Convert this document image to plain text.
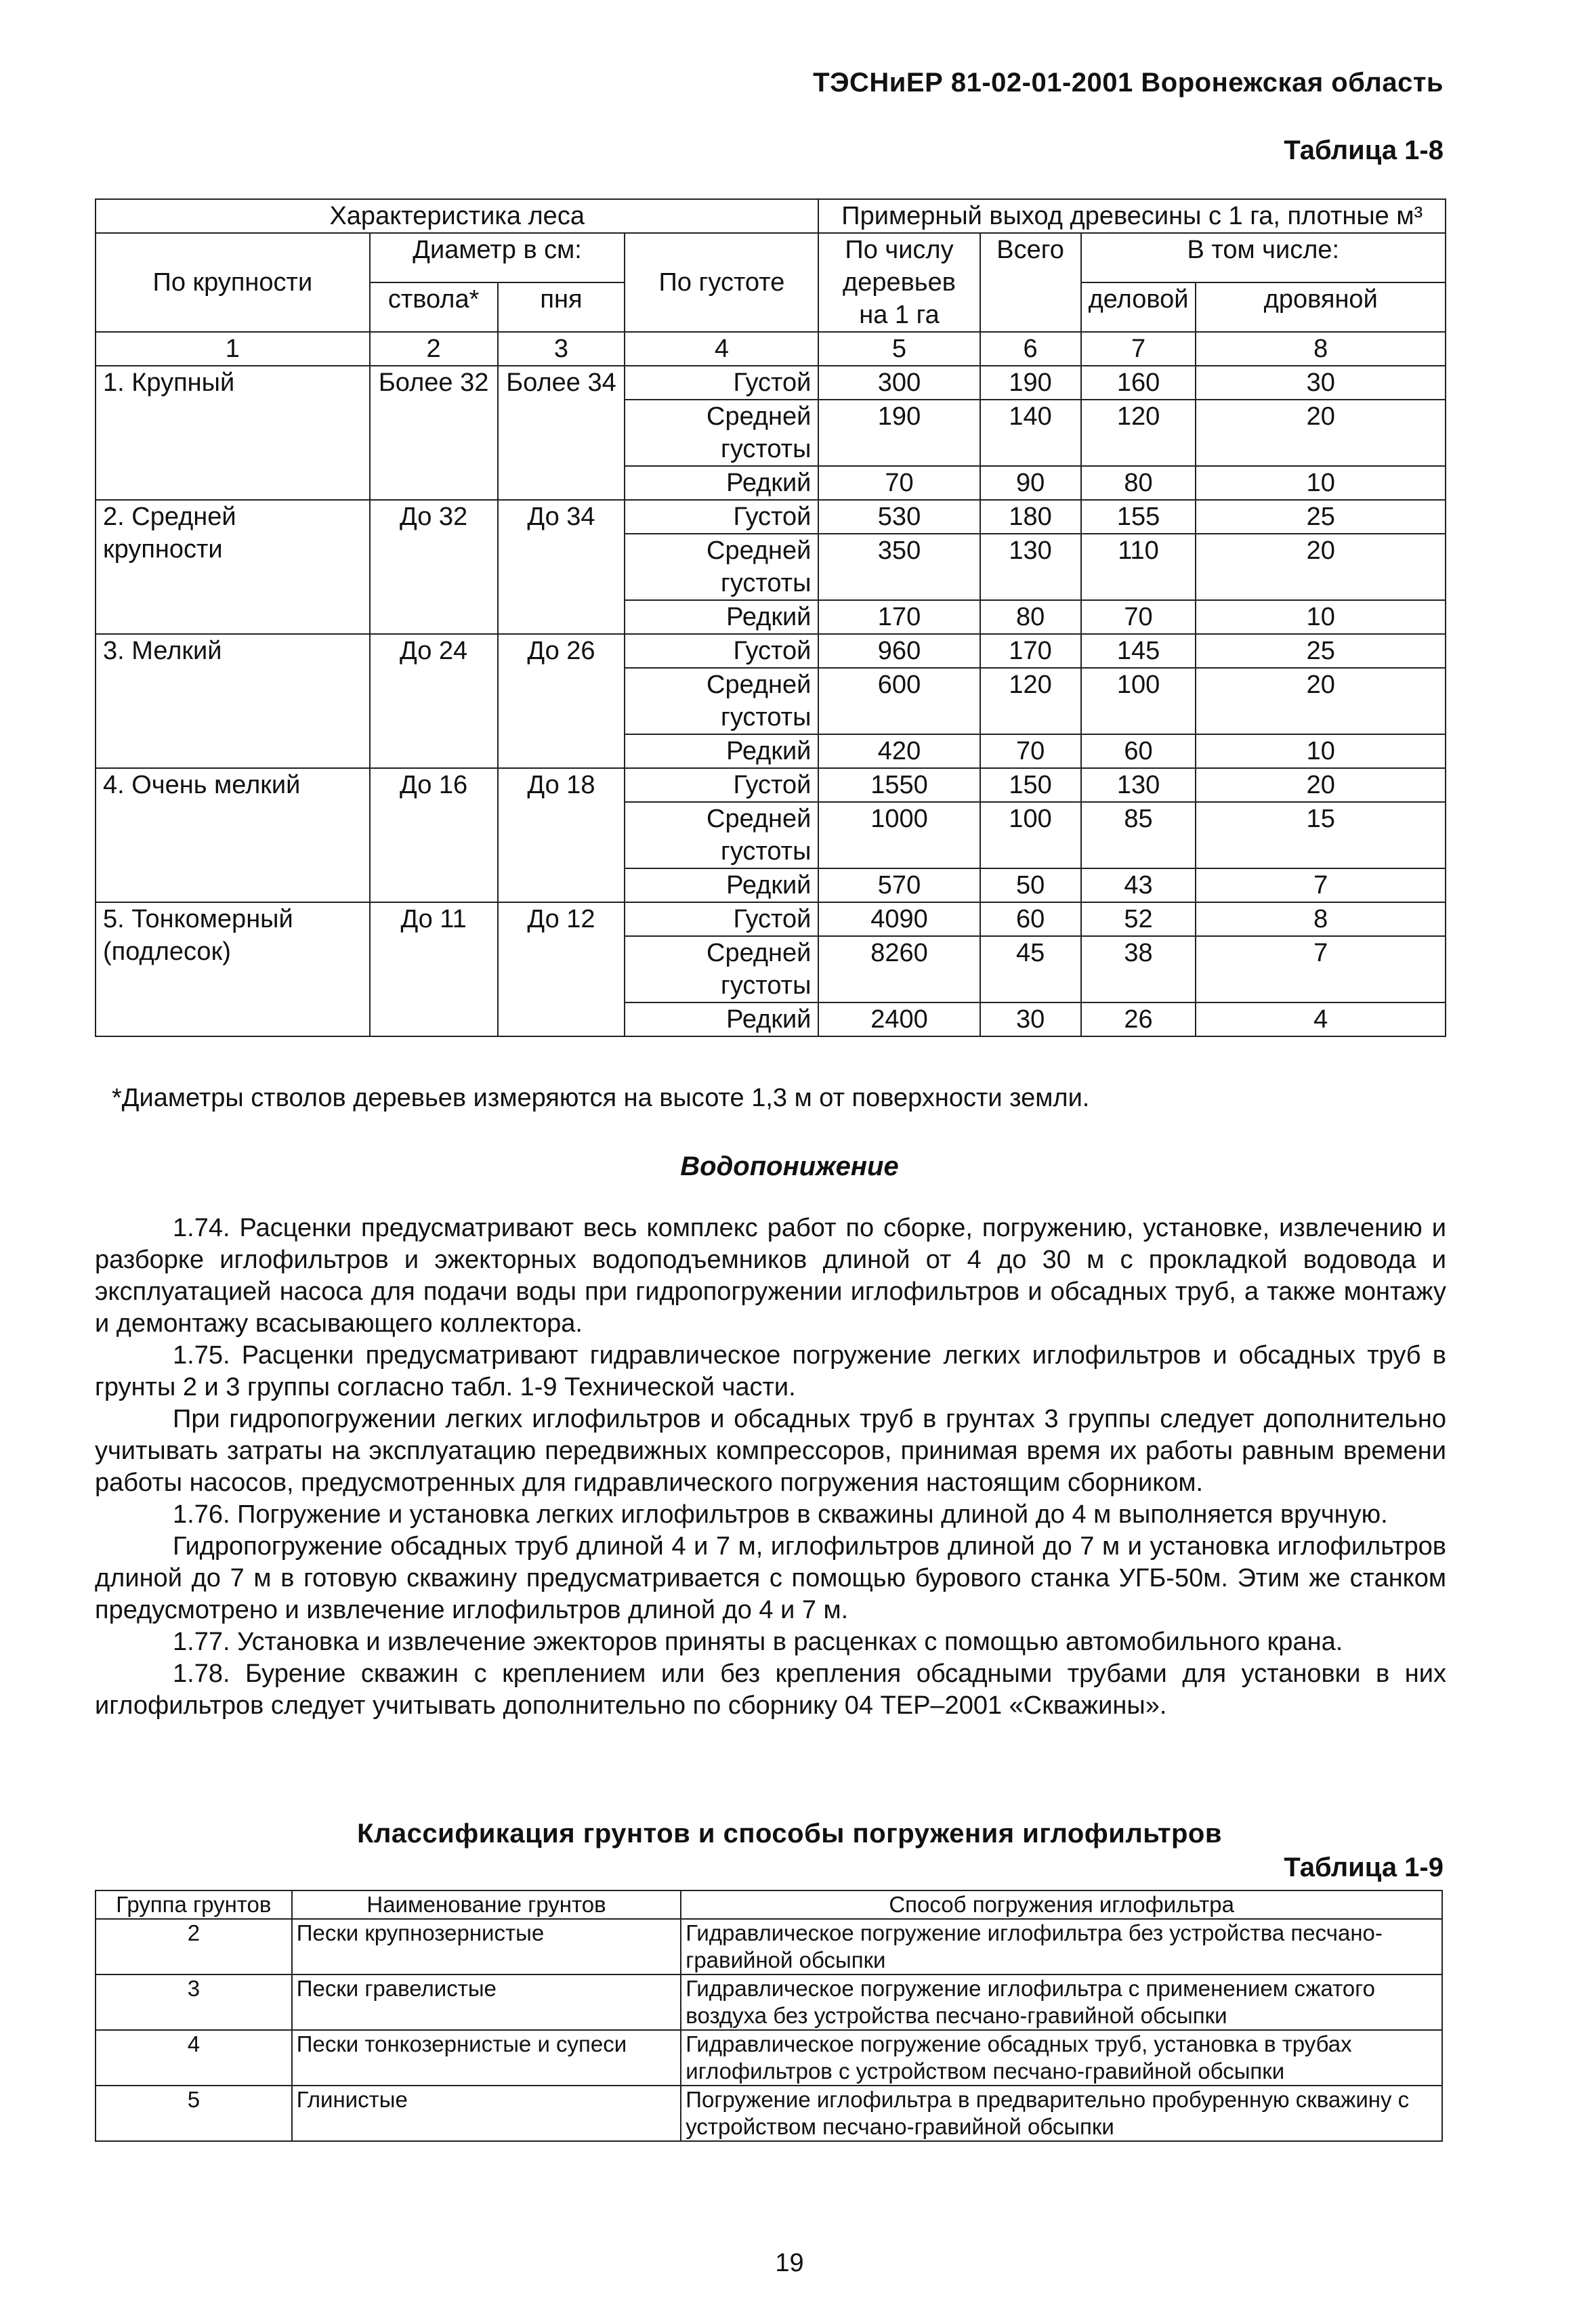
ТЭСНиЕР 81-02-01-2001 Воронежская область
Таблица 1-8
Характеристика леса				Примерный выход древесины с 1 га, плотные м³			
По крупности	Диаметр в см:		По густоте	По числу деревьев на 1 га	Всего	В том числе:	
	ствола*	пня				деловой	дровяной
1	2	3	4	5	6	7	8
1. Крупный	Более 32	Более 34	Густой	300	190	160	30
			Средней густоты	190	140	120	20
			Редкий	70	90	80	10
2. Средней крупности	До 32	До 34	Густой	530	180	155	25
			Средней густоты	350	130	110	20
			Редкий	170	80	70	10
3. Мелкий	До 24	До 26	Густой	960	170	145	25
			Средней густоты	600	120	100	20
			Редкий	420	70	60	10
4. Очень мелкий	До 16	До 18	Густой	1550	150	130	20
			Средней густоты	1000	100	85	15
			Редкий	570	50	43	7
5. Тонкомерный (подлесок)	До 11	До 12	Густой	4090	60	52	8
			Средней густоты	8260	45	38	7
			Редкий	2400	30	26	4
*Диаметры стволов деревьев измеряются на высоте 1,3 м от поверхности земли.
Водопонижение

1.74. Расценки предусматривают весь комплекс работ по сборке, погружению, установке, извлечению и разборке иглофильтров и эжекторных водоподъемников длиной от 4 до 30 м с прокладкой водовода и эксплуатацией насоса для подачи воды при гидропогружении иглофильтров и обсадных труб, а также монтажу и демонтажу всасывающего коллектора.

1.75. Расценки предусматривают гидравлическое погружение легких иглофильтров и обсадных труб в грунты 2 и 3 группы согласно табл. 1-9 Технической части.

При гидропогружении легких иглофильтров и обсадных труб в грунтах 3 группы следует дополнительно учитывать затраты на эксплуатацию передвижных компрессоров, принимая время их работы равным времени работы насосов, предусмотренных для гидравлического погружения настоящим сборником.

1.76. Погружение и установка легких иглофильтров в скважины длиной до 4 м выполняется вручную.

Гидропогружение обсадных труб длиной 4 и 7 м, иглофильтров длиной до 7 м и установка иглофильтров длиной до 7 м в готовую скважину предусматривается с помощью бурового станка УГБ-50м. Этим же станком предусмотрено и извлечение иглофильтров длиной до 4 и 7 м.

1.77. Установка и извлечение эжекторов приняты в расценках с помощью автомобильного крана.

1.78. Бурение скважин с креплением или без крепления обсадными трубами для установки в них иглофильтров следует учитывать дополнительно по сборнику 04 ТЕР–2001 «Скважины».

Классификация грунтов и способы погружения иглофильтров
Таблица 1-9
Группа грунтов	Наименование грунтов	Способ погружения иглофильтра
2	Пески крупнозернистые	Гидравлическое погружение иглофильтра без устройства песчано-гравийной обсыпки
3	Пески гравелистые	Гидравлическое погружение иглофильтра с применением сжатого воздуха без устройства песчано-гравийной обсыпки
4	Пески тонкозернистые и супеси	Гидравлическое погружение обсадных труб, установка в трубах иглофильтров с устройством песчано-гравийной обсыпки
5	Глинистые	Погружение иглофильтра в предварительно пробуренную скважину с устройством песчано-гравийной обсыпки
19
